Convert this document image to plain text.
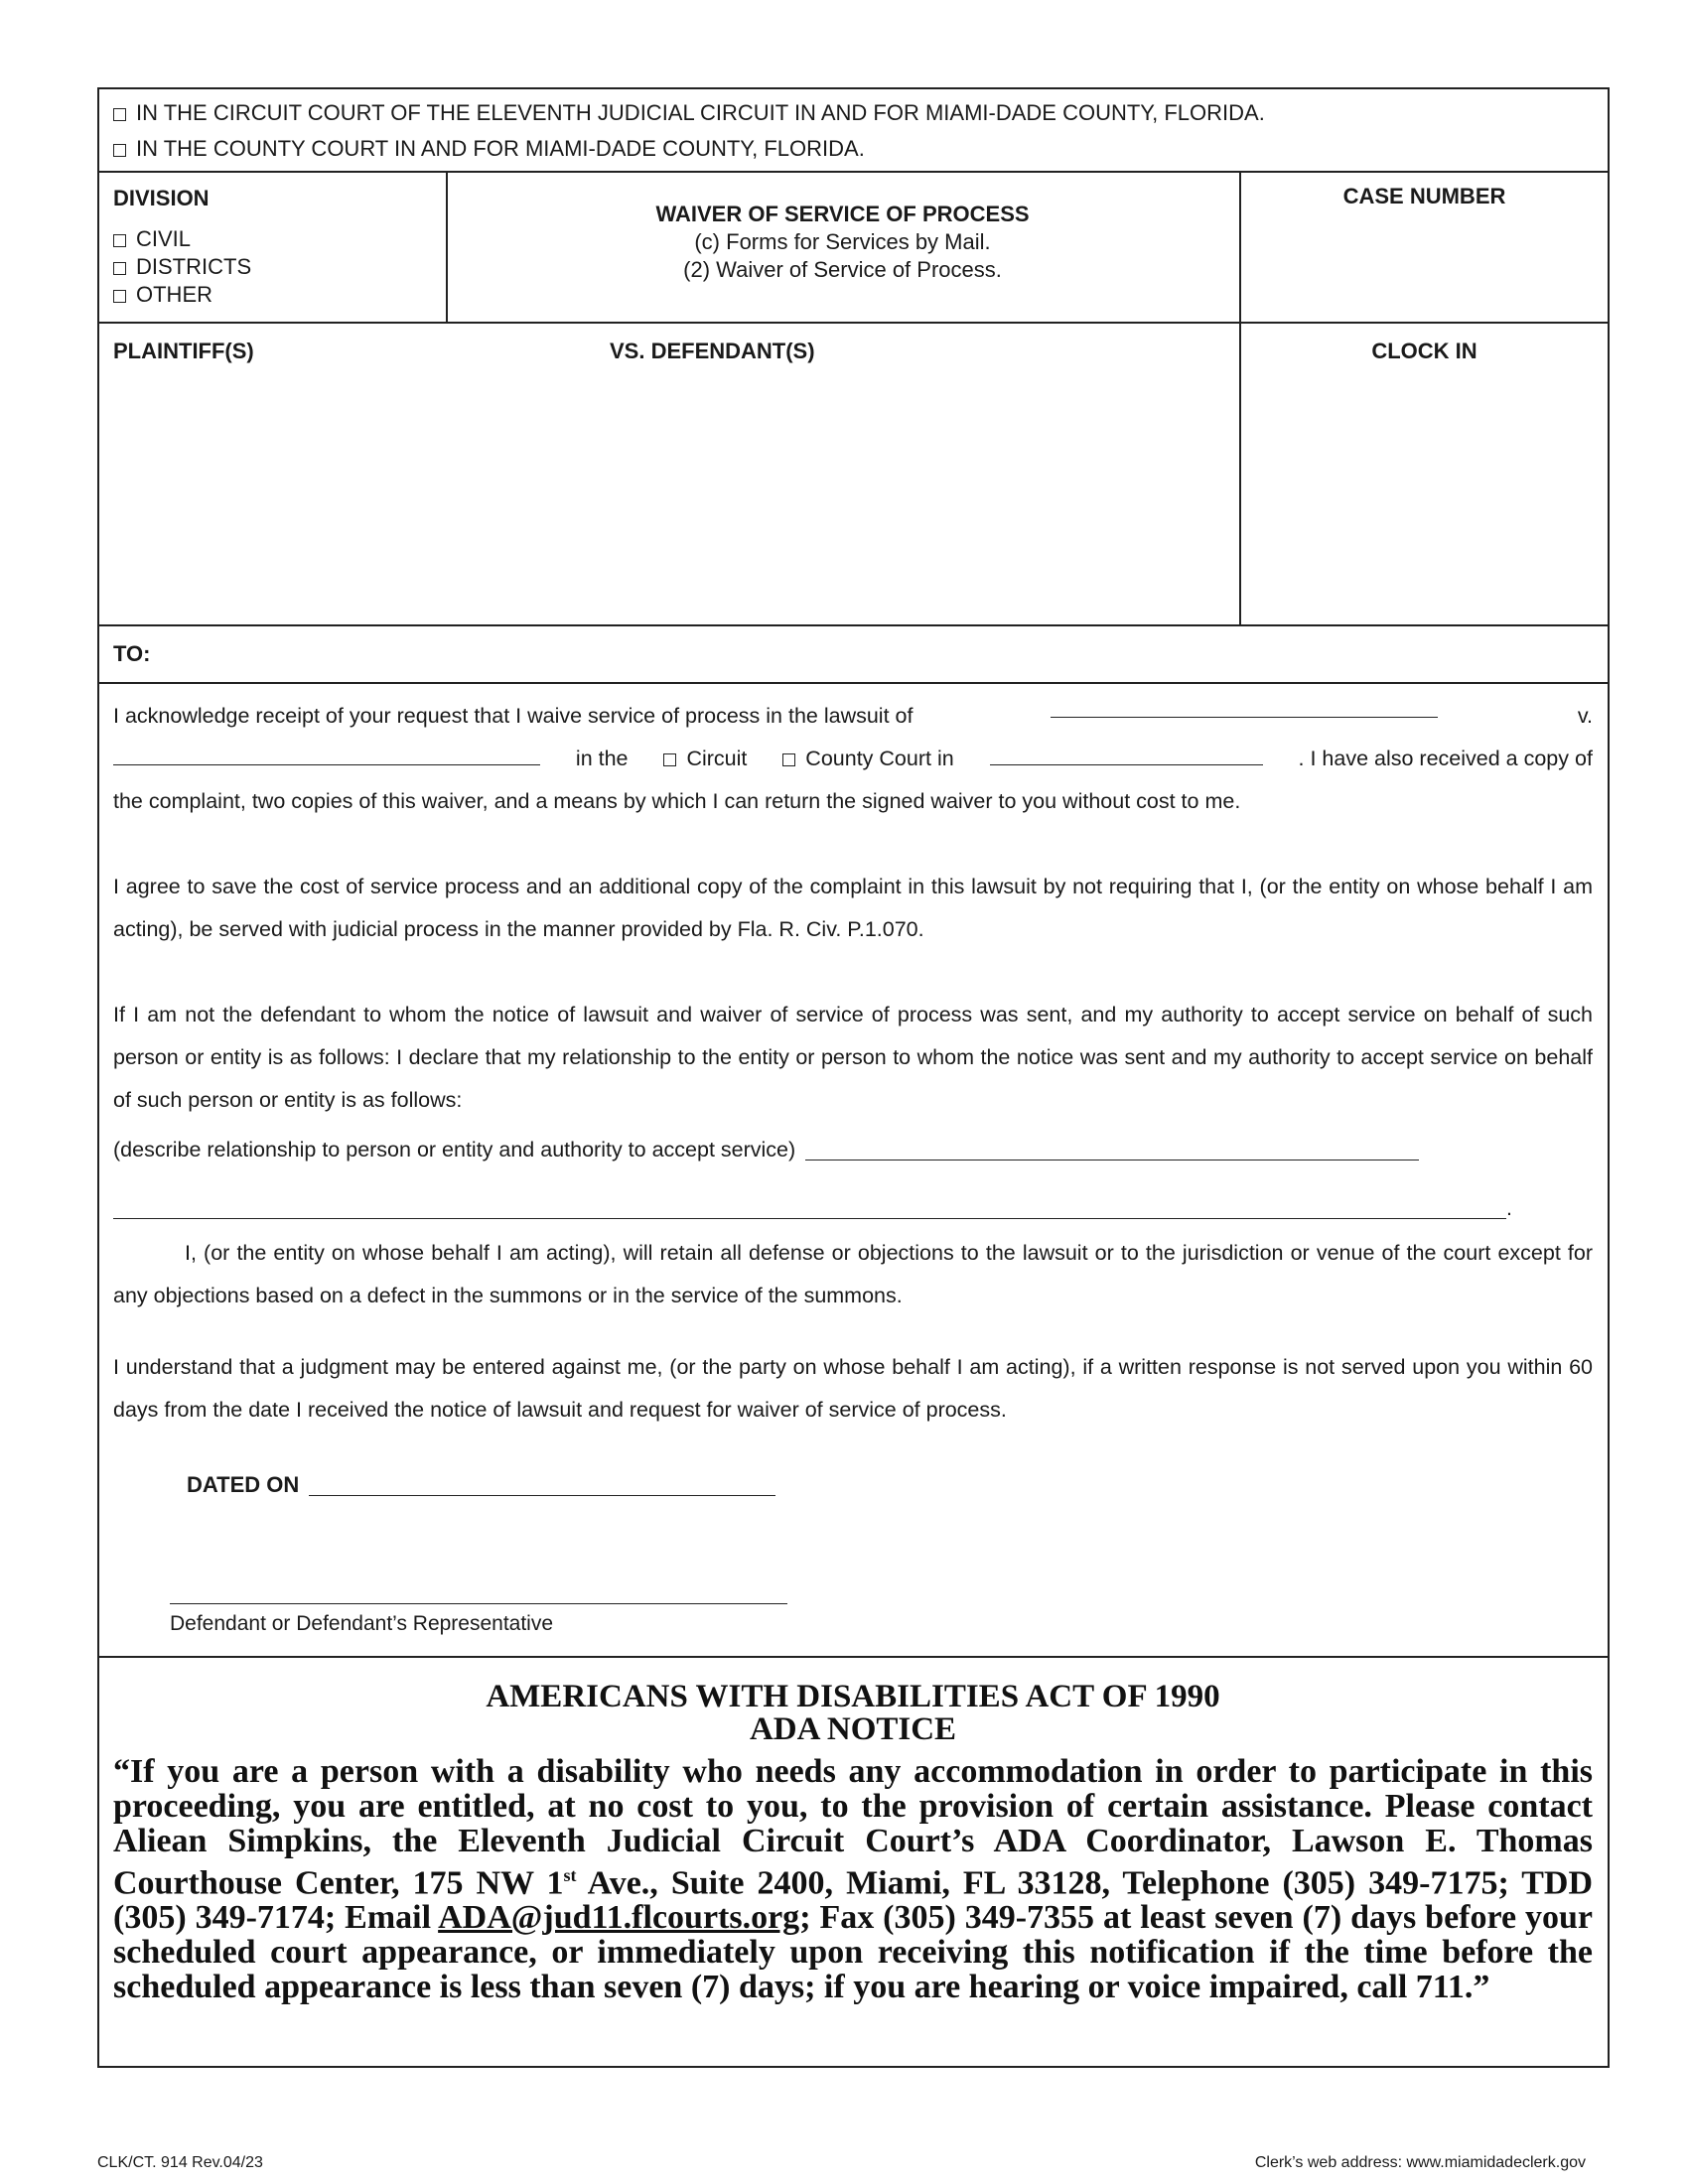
IN THE CIRCUIT COURT OF THE ELEVENTH JUDICIAL CIRCUIT IN AND FOR MIAMI-DADE COUNTY, FLORIDA.
IN THE COUNTY COURT IN AND FOR MIAMI-DADE COUNTY, FLORIDA.
DIVISION
CIVIL
DISTRICTS
OTHER
WAIVER OF SERVICE OF PROCESS
(c) Forms for Services by Mail.
(2) Waiver of Service of Process.
CASE NUMBER
PLAINTIFF(S)	VS. DEFENDANT(S)	CLOCK IN
TO:
I acknowledge receipt of your request that I waive service of process in the lawsuit of	v.
in the	Circuit	County Court in	. I have also received a copy of
the complaint, two copies of this waiver, and a means by which I can return the signed waiver to you without cost to me.
I agree to save the cost of service process and an additional copy of the complaint in this lawsuit by not requiring that I, (or the entity on whose behalf I am acting), be served with judicial process in the manner provided by Fla. R. Civ. P.1.070.
If I am not the defendant to whom the notice of lawsuit and waiver of service of process was sent, and my authority to accept service on behalf of such person or entity is as follows: I declare that my relationship to the entity or person to whom the notice was sent and my authority to accept service on behalf of such person or entity is as follows:
(describe relationship to person or entity and authority to accept service)
.
I, (or the entity on whose behalf I am acting), will retain all defense or objections to the lawsuit or to the jurisdiction or venue of the court except for any objections based on a defect in the summons or in the service of the summons.
I understand that a judgment may be entered against me, (or the party on whose behalf I am acting), if a written response is not served upon you within 60 days from the date I received the notice of lawsuit and request for waiver of service of process.
DATED ON
Defendant or Defendant’s Representative
AMERICANS WITH DISABILITIES ACT OF 1990
ADA NOTICE
“If you are a person with a disability who needs any accommodation in order to participate in this proceeding, you are entitled, at no cost to you, to the provision of certain assistance. Please contact Aliean Simpkins, the Eleventh Judicial Circuit Court’s ADA Coordinator, Lawson E. Thomas Courthouse Center, 175 NW 1st Ave., Suite 2400, Miami, FL 33128, Telephone (305) 349-7175; TDD (305) 349-7174; Email ADA@jud11.flcourts.org; Fax (305) 349-7355 at least seven (7) days before your scheduled court appearance, or immediately upon receiving this notification if the time before the scheduled appearance is less than seven (7) days; if you are hearing or voice impaired, call 711.”
CLK/CT. 914 Rev.04/23	Clerk’s web address: www.miamidadeclerk.gov
